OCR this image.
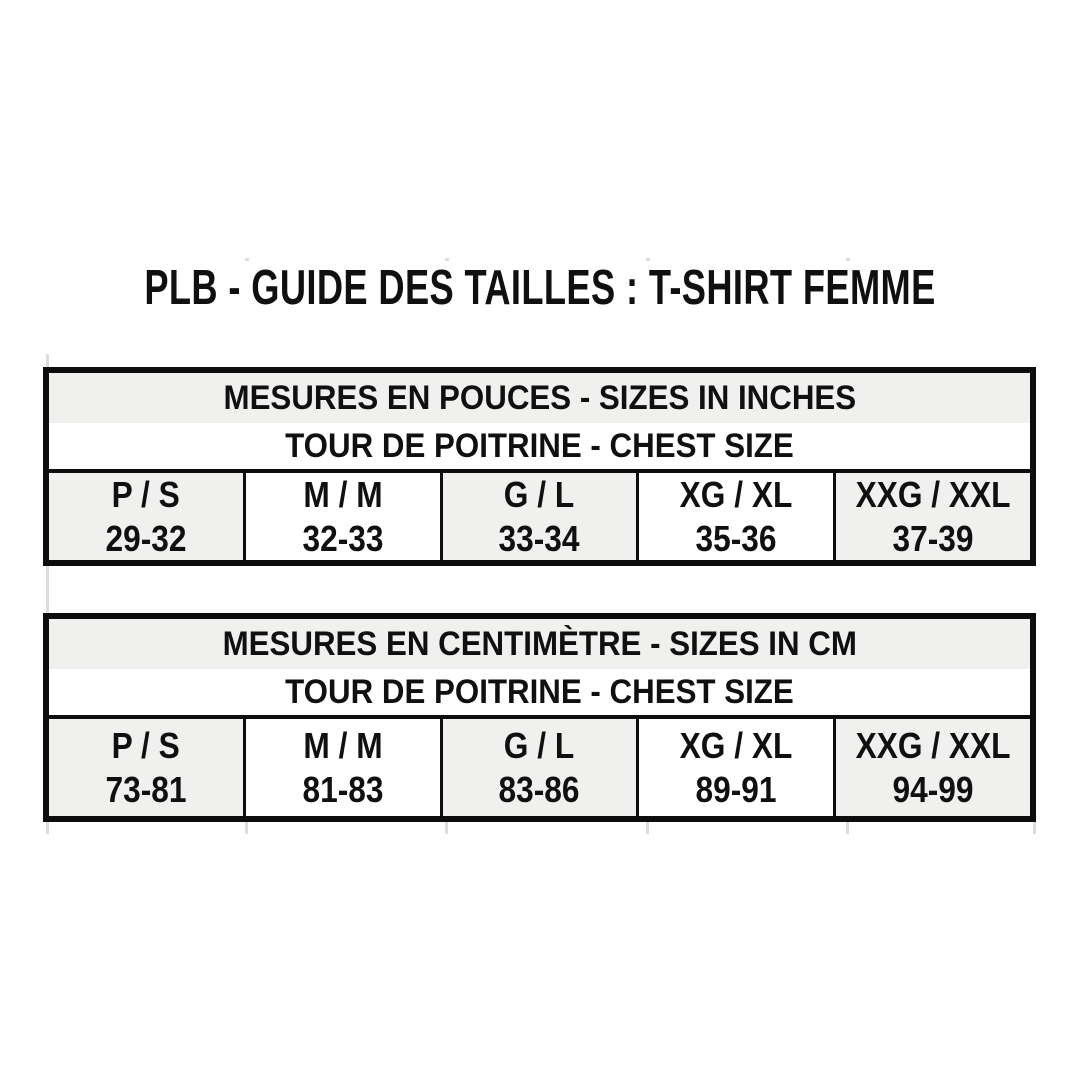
PLB - GUIDE DES TAILLES : T-SHIRT FEMME
MESURES EN POUCES - SIZES IN INCHES
TOUR DE POITRINE - CHEST SIZE
P / S
29-32
M / M
32-33
G / L
33-34
XG / XL
35-36
XXG / XXL
37-39
MESURES EN CENTIMÈTRE - SIZES IN CM
TOUR DE POITRINE - CHEST SIZE
P / S
73-81
M / M
81-83
G / L
83-86
XG / XL
89-91
XXG / XXL
94-99
